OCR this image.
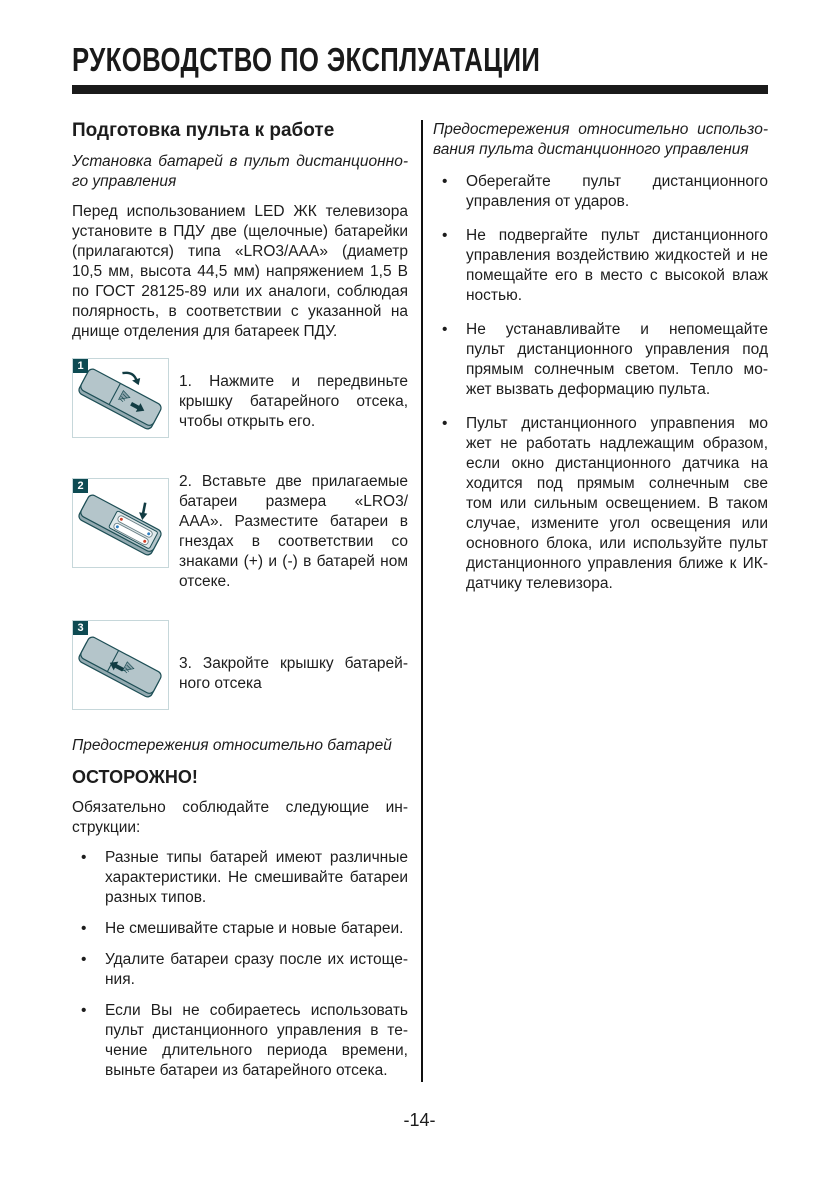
РУКОВОДСТВО ПО ЭКСПЛУАТАЦИИ
Подготовка пульта к работе
Установка батарей в пульт дистанционно-
го управления
Перед использованием LED ЖК телевизора
установите в ПДУ две (щелочные) батарейки
(прилагаются) типа «LRO3/AAA» (диаметр
10,5 мм, высота 44,5 мм) напряжением 1,5 В
по ГОСТ 28125-89 или их аналоги, соблюдая
полярность, в соответствии с указанной на
днище отделения для батареек ПДУ.
1
1. Нажмите и передвиньте
крышку батарейного отсека,
чтобы открыть его.
2	2. Вставьте две прилагаемые
батареи размера «LRO3/
ААА». Разместите батареи в
гнездах в соответствии со
знаками (+) и (-) в батарей ном
отсеке.
3
3. Закройте крышку батарей-
ного отсека
Предостережения относительно батарей
ОСТОРОЖНО!
Обязательно соблюдайте следующие ин-
струкции:
•	Разные типы батарей имеют различные
характеристики. Не смешивайте батареи
разных типов.
•	Не смешивайте старые и новые батареи.
•	Удалите батареи сразу после их истоще-
ния.
•	Если Вы не собираетесь использовать
пульт дистанционного управления в те-
чение длительного периода времени,
выньте батареи из батарейного отсека.
Предостережения относительно использо-
вания пульта дистанционного управления
•	Оберегайте пульт дистанционного
управления от ударов.
•	Не подвергайте пульт дистанционного
управления воздействию жидкостей и не
помещайте его в место с высокой влаж
ностью.
•	Не устанавливайте и непомещайте
пульт дистанционного управления под
прямым солнечным светом. Тепло мо-
жет вызвать деформацию пульта.
•	Пульт дистанционного управпения мо
жет не работать надлежащим образом,
если окно дистанционного датчика на
ходится под прямым солнечным све
том или сильным освещением. В таком
случае, измените угол освещения или
основного блока, или используйте пульт
дистанционного управления ближе к ИК-
датчику телевизора.
-14-
